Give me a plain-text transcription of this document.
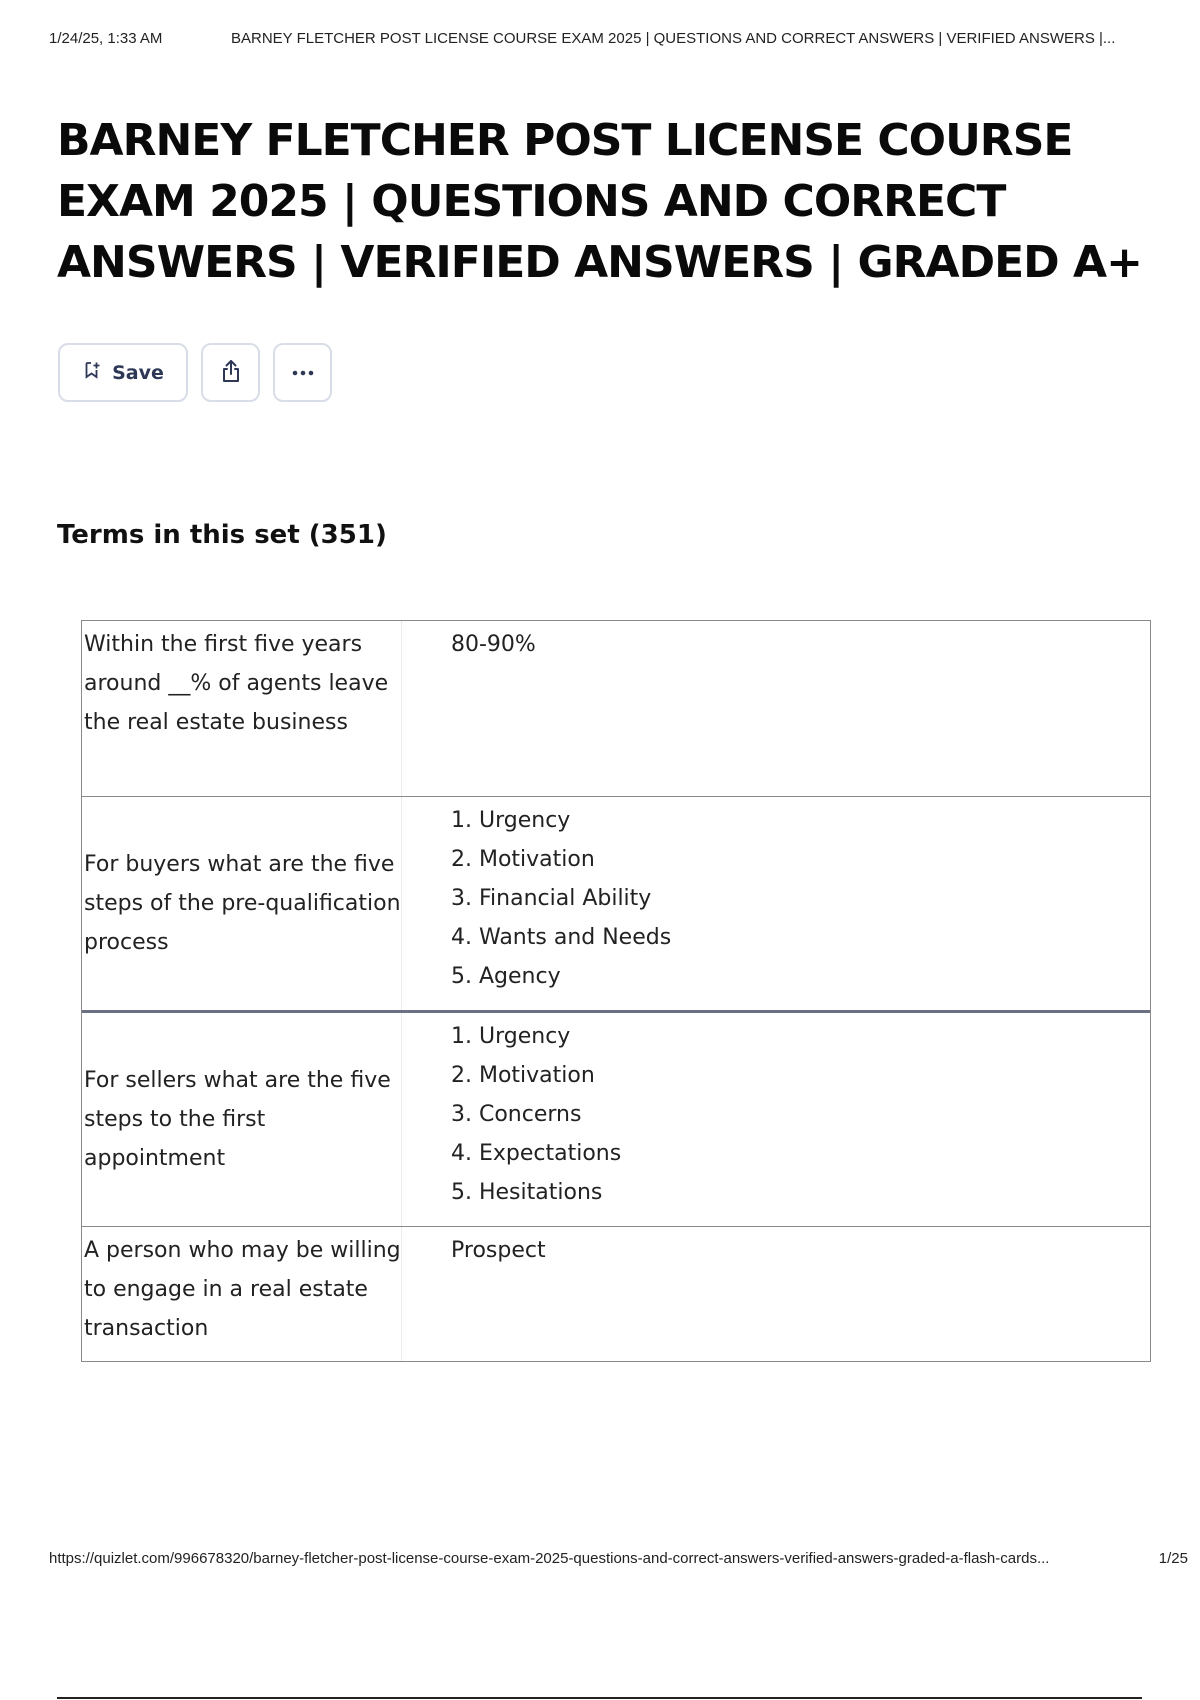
1/24/25, 1:33 AM	BARNEY FLETCHER POST LICENSE COURSE EXAM 2025 | QUESTIONS AND CORRECT ANSWERS | VERIFIED ANSWERS |...
BARNEY FLETCHER POST LICENSE COURSE EXAM 2025 | QUESTIONS AND CORRECT ANSWERS | VERIFIED ANSWERS | GRADED A+
Save
Terms in this set (351)
Within the first five years around __% of agents leave the real estate business
80-90%
For buyers what are the five steps of the pre-qualification process
1. Urgency
2. Motivation
3. Financial Ability
4. Wants and Needs
5. Agency
For sellers what are the five steps to the first appointment
1. Urgency
2. Motivation
3. Concerns
4. Expectations
5. Hesitations
A person who may be willing to engage in a real estate transaction
Prospect
https://quizlet.com/996678320/barney-fletcher-post-license-course-exam-2025-questions-and-correct-answers-verified-answers-graded-a-flash-cards...	1/25
